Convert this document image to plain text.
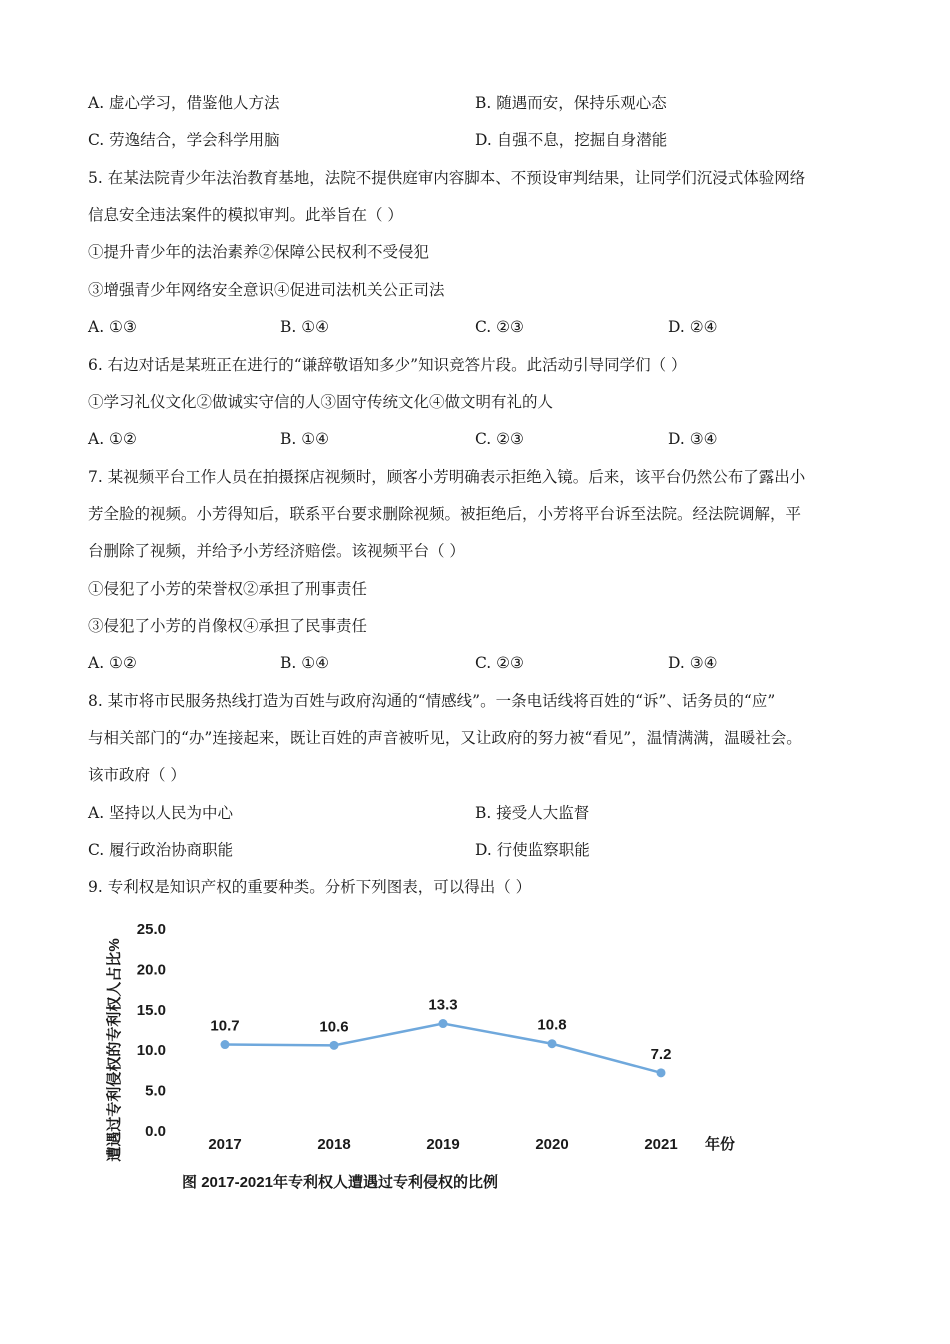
A. 虚心学习，借鉴他人方法	B. 随遇而安，保持乐观心态
C. 劳逸结合，学会科学用脑	D. 自强不息，挖掘自身潜能
5. 在某法院青少年法治教育基地，法院不提供庭审内容脚本、不预设审判结果，让同学们沉浸式体验网络
信息安全违法案件的模拟审判。此举旨在（ ）
①提升青少年的法治素养②保障公民权利不受侵犯
③增强青少年网络安全意识④促进司法机关公正司法
A. ①③	B. ①④	C. ②③	D. ②④
6. 右边对话是某班正在进行的“谦辞敬语知多少”知识竞答片段。此活动引导同学们（ ）
①学习礼仪文化②做诚实守信的人③固守传统文化④做文明有礼的人
A. ①②	B. ①④	C. ②③	D. ③④
7. 某视频平台工作人员在拍摄探店视频时，顾客小芳明确表示拒绝入镜。后来，该平台仍然公布了露出小
芳全脸的视频。小芳得知后，联系平台要求删除视频。被拒绝后，小芳将平台诉至法院。经法院调解，平
台删除了视频，并给予小芳经济赔偿。该视频平台（ ）
①侵犯了小芳的荣誉权②承担了刑事责任
③侵犯了小芳的肖像权④承担了民事责任
A. ①②	B. ①④	C. ②③	D. ③④
8. 某市将市民服务热线打造为百姓与政府沟通的“情感线”。一条电话线将百姓的“诉”、话务员的“应”
与相关部门的“办”连接起来，既让百姓的声音被听见，又让政府的努力被“看见”，温情满满，温暖社会。
该市政府（ ）
A. 坚持以人民为中心	B. 接受人大监督
C. 履行政治协商职能	D. 行使监察职能
9. 专利权是知识产权的重要种类。分析下列图表，可以得出（ ）
遭遇过专利侵权的专利权人占比% 0.0
5.0
10.0
15.0
20.0
25.0
2017	2018	2019	2020	2021 年份
10.7	10.6
13.3
10.8
7.2
图 2017-2021年专利权人遭遇过专利侵权的比例
